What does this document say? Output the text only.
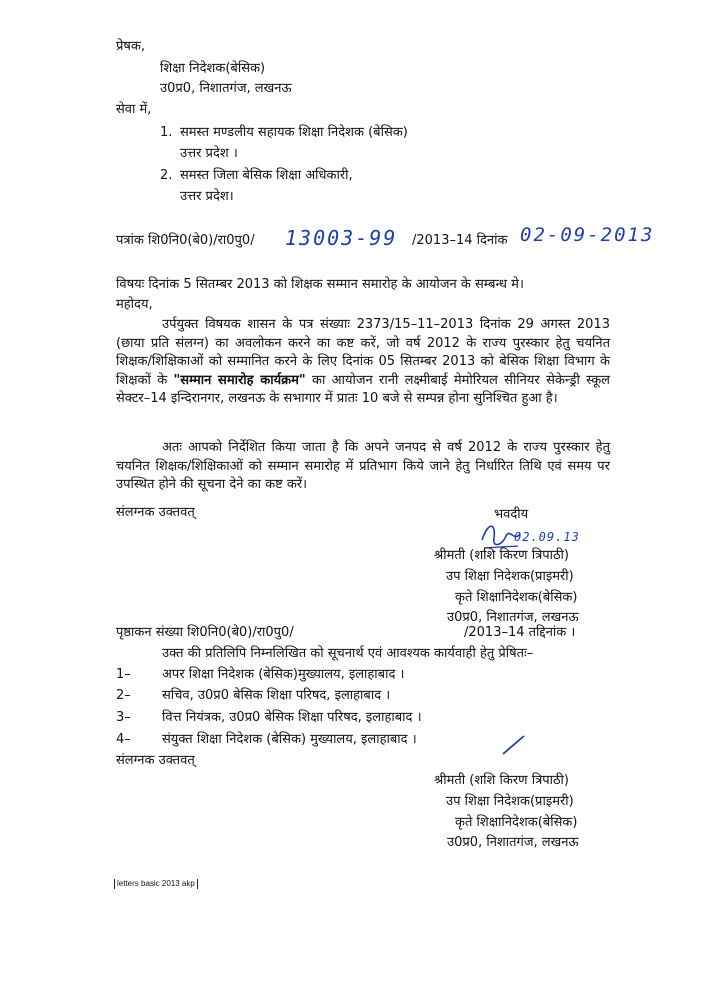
प्रेषक,
शिक्षा निदेशक(बेसिक)
उ0प्र0, निशातगंज, लखनऊ
सेवा में,
1. समस्त मण्डलीय सहायक शिक्षा निदेशक (बेसिक)
उत्तर प्रदेश ।
2. समस्त जिला बेसिक शिक्षा अधिकारी,
उत्तर प्रदेश।
पत्रांक शि0नि0(बे0)/रा0पु0/ 13003-99 /2013–14 दिनांक 02-09-2013
विषयः दिनांक 5 सितम्बर 2013 को शिक्षक सम्मान समारोह के आयोजन के सम्बन्ध मे।
महोदय,
उर्पयुक्त विषयक शासन के पत्र संख्याः 2373/15–11–2013 दिनांक 29 अगस्त 2013 (छाया प्रति संलग्न) का अवलोकन करने का कष्ट करें, जो वर्ष 2012 के राज्य पुरस्कार हेतु चयनित शिक्षक/शिक्षिकाओं को सम्मानित करने के लिए दिनांक 05 सितम्बर 2013 को बेसिक शिक्षा विभाग के शिक्षकों के "सम्मान समारोह कार्यक्रम" का आयोजन रानी लक्ष्मीबाई मेमोरियल सीनियर सेकेन्ड्री स्कूल सेक्टर–14 इन्दिरानगर, लखनऊ के सभागार में प्रातः 10 बजे से सम्पन्न होना सुनिश्चित हुआ है।
अतः आपको निर्देशित किया जाता है कि अपने जनपद से वर्ष 2012 के राज्य पुरस्कार हेतु चयनित शिक्षक/शिक्षिकाओं को सम्मान समारोह में प्रतिभाग किये जाने हेतु निर्धारित तिथि एवं समय पर उपस्थित होने की सूचना देने का कष्ट करें।
संलग्नक उक्तवत्	भवदीय
02.09.13
श्रीमती (शशि किरण त्रिपाठी)
उप शिक्षा निदेशक(प्राइमरी)
कृते शिक्षानिदेशक(बेसिक)
उ0प्र0, निशातगंज, लखनऊ
पृष्ठाकन संख्या शि0नि0(बे0)/रा0पु0/	/2013–14 तद्दिनांक ।
उक्त की प्रतिलिपि निम्नलिखित को सूचनार्थ एवं आवश्यक कार्यवाही हेतु प्रेषितः–
1– अपर शिक्षा निदेशक (बेसिक)मुख्यालय, इलाहाबाद ।
2– सचिव, उ0प्र0 बेसिक शिक्षा परिषद, इलाहाबाद ।
3– वित्त नियंत्रक, उ0प्र0 बेसिक शिक्षा परिषद, इलाहाबाद ।
4– संयुक्त शिक्षा निदेशक (बेसिक) मुख्यालय, इलाहाबाद ।
संलग्नक उक्तवत्
श्रीमती (शशि किरण त्रिपाठी)
उप शिक्षा निदेशक(प्राइमरी)
कृते शिक्षानिदेशक(बेसिक)
उ0प्र0, निशातगंज, लखनऊ
letters basic 2013 akp
